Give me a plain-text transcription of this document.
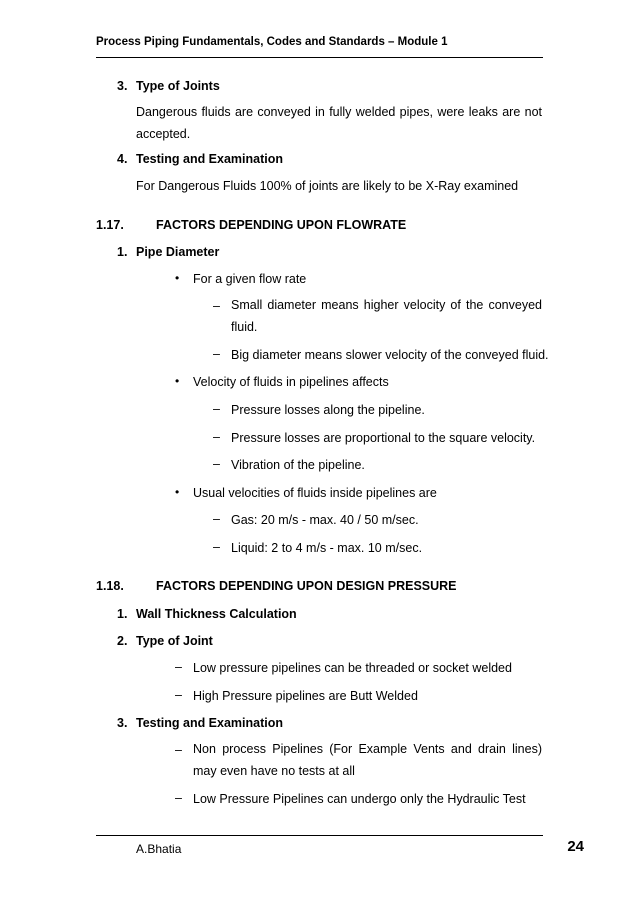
Process Piping Fundamentals, Codes and Standards – Module 1
3. Type of Joints
Dangerous fluids are conveyed in fully welded pipes, were leaks are not accepted.
4. Testing and Examination
For Dangerous Fluids 100% of joints are likely to be X-Ray examined
1.17.	FACTORS DEPENDING UPON FLOWRATE
1. Pipe Diameter
• For a given flow rate
– Small diameter means higher velocity of the conveyed fluid.
– Big diameter means slower velocity of the conveyed fluid.
• Velocity of fluids in pipelines affects
– Pressure losses along the pipeline.
– Pressure losses are proportional to the square velocity.
– Vibration of the pipeline.
• Usual velocities of fluids inside pipelines are
– Gas: 20 m/s - max. 40 / 50 m/sec.
– Liquid: 2 to 4 m/s - max. 10 m/sec.
1.18.	FACTORS DEPENDING UPON DESIGN PRESSURE
1. Wall Thickness Calculation
2. Type of Joint
– Low pressure pipelines can be threaded or socket welded
– High Pressure pipelines are Butt Welded
3. Testing and Examination
– Non process Pipelines (For Example Vents and drain lines) may even have no tests at all
– Low Pressure Pipelines can undergo only the Hydraulic Test
A.Bhatia	24
